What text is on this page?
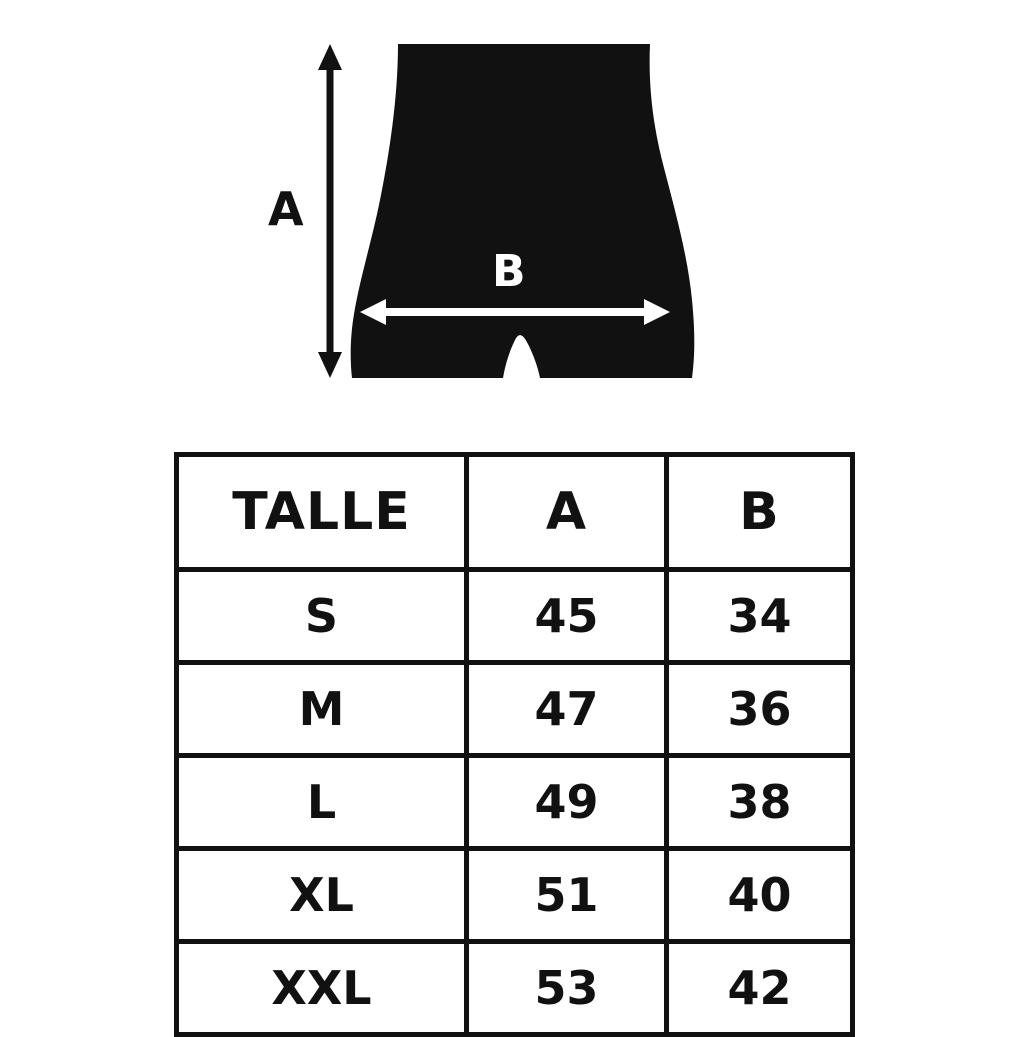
A
B
TALLE	A	B
S	45	34
M	47	36
L	49	38
XL	51	40
XXL	53	42
